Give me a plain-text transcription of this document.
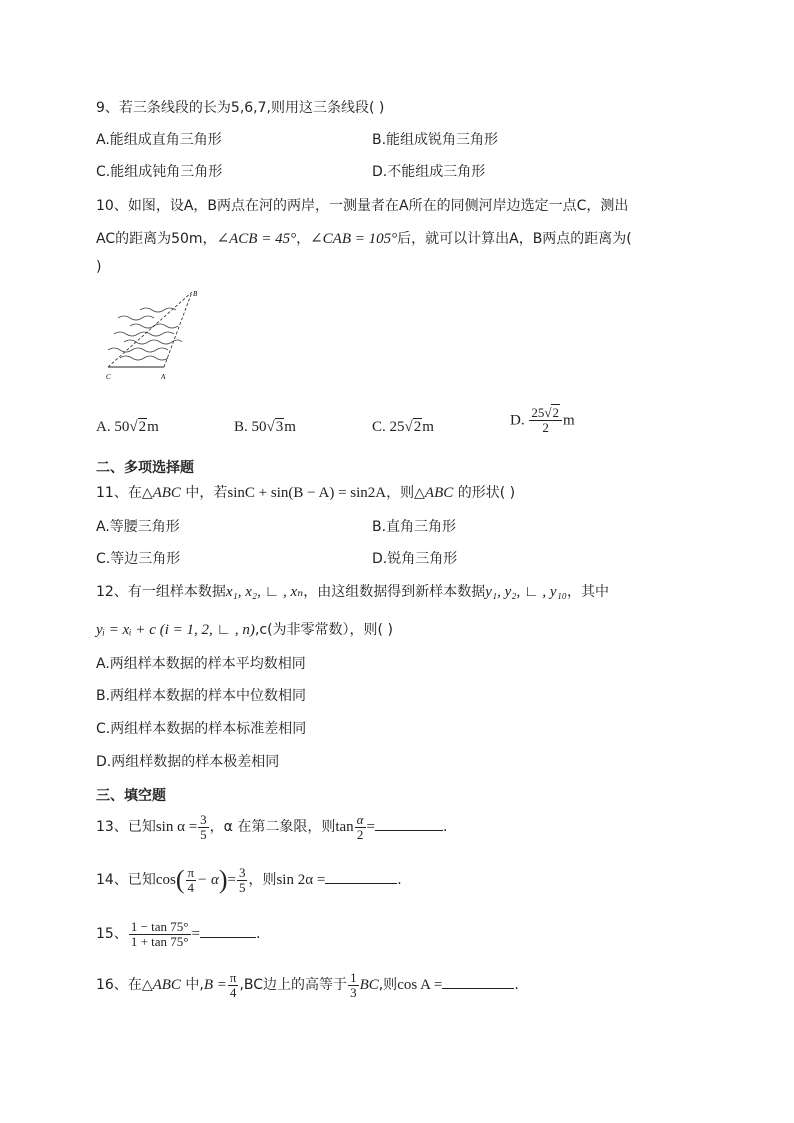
9、若三条线段的长为5,6,7,则用这三条线段( )
A.能组成直角三角形	B.能组成锐角三角形
C.能组成钝角三角形	D.不能组成三角形
10、如图，设A，B两点在河的两岸，一测量者在A所在的同侧河岸边选定一点C，测出
AC的距离为50m，∠ACB = 45°，∠CAB = 105°后，就可以计算出A，B两点的距离为(
)
B
C	A
A. 50√2m	B. 50√3m	C. 25√2m	D. $\frac{25√2}{2}$ m
二、多项选择题
11、在△ABC 中，若sinC + sin(B − A) = sin2A，则△ABC 的形状( )
A.等腰三角形	B.直角三角形
C.等边三角形	D.锐角三角形
12、有一组样本数据x₁, x₂, ∟ , xₙ，由这组数据得到新样本数据y₁, y₂, ∟ , y₁₀，其中
yᵢ = xᵢ + c (i = 1, 2, ∟ , n),c(为非零常数），则( )
A.两组样本数据的样本平均数相同
B.两组样本数据的样本中位数相同
C.两组样本数据的样本标准差相同
D.两组样数据的样本极差相同
三、填空题
13、已知$\sin \alpha = \frac{3}{5}$ ，α 在第二象限，则$\tan \frac{\alpha}{2}$ =	.
14、已知$\cos( \frac{\pi}{4} - \alpha)= \frac{3}{5}$ ，则sin 2α =	.
15、 $\frac{1 - \tan 75^\circ}{1 + \tan 75^\circ}$ =	.
16、在△ABC 中$,B = \frac{\pi}{4} ,BC$边上的高等于 $\frac{1}{3}$ BC,则cos A =	.
